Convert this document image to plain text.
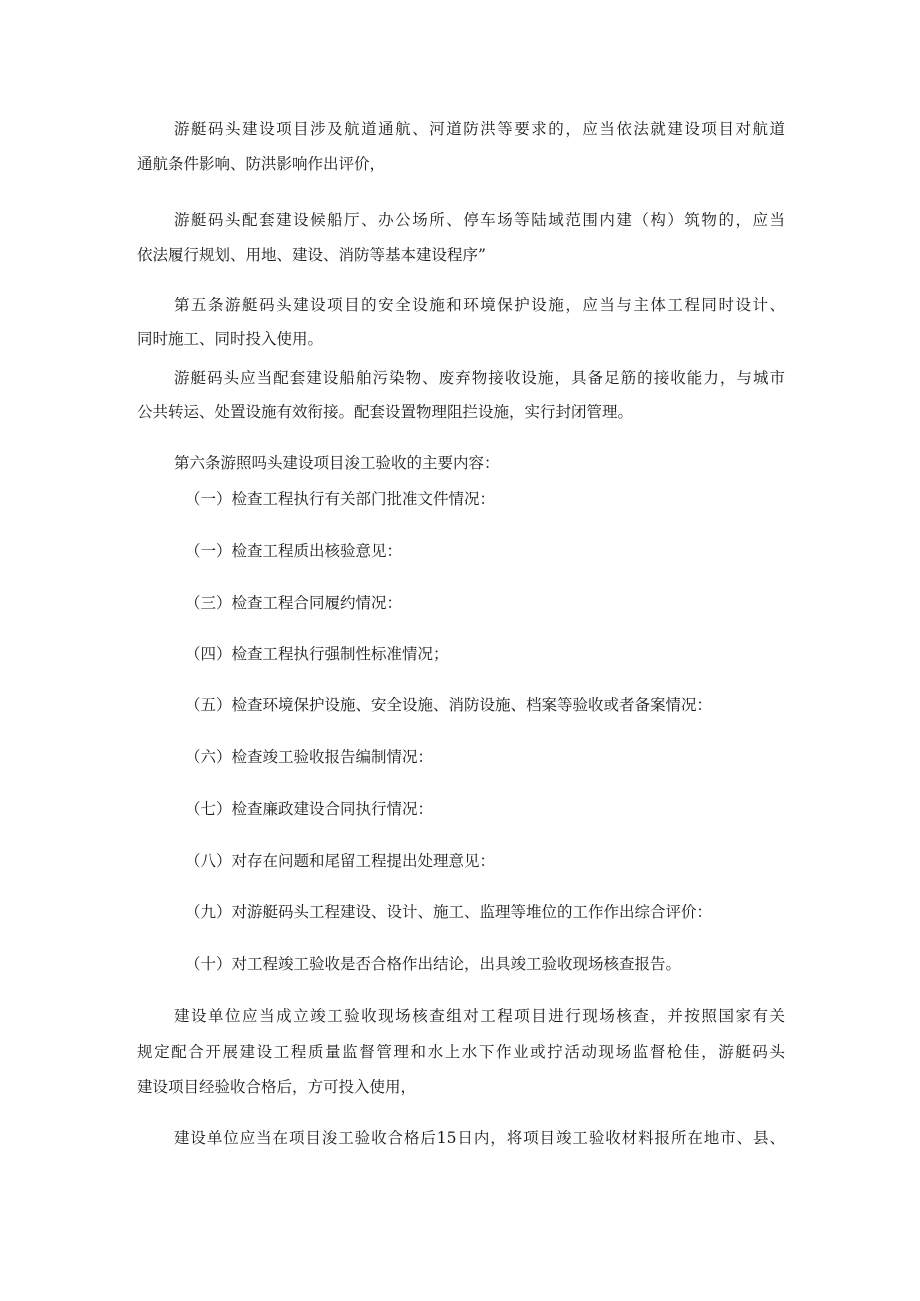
游艇码头建设项目涉及航道通航、河道防洪等要求的，应当依法就建设项目对航道
通航条件影响、防洪影响作出评价，
游艇码头配套建设候船厅、办公场所、停车场等陆域范围内建（构）筑物的，应当
依法履行规划、用地、建设、消防等基本建设程序”
第五条游艇码头建设项目的安全设施和环境保护设施，应当与主体工程同时设计、
同时施工、同时投入使用。
游艇码头应当配套建设船舶污染物、废弃物接收设施，具备足筋的接收能力，与城市
公共转运、处置设施有效衔接。配套设置物理阻拦设施，实行封闭管理。
第六条游照吗头建设项目浚工验收的主要内容：
（一）检查工程执行有关部门批准文件情况：
（一）检查工程质出核验意见：
（三）检查工程合同履约情况：
（四）检查工程执行强制性标准情况；
（五）检查环境保护设施、安全设施、消防设施、档案等验收或者备案情况：
（六）检查竣工验收报告编制情况：
（七）检查廉政建设合同执行情况：
（八）对存在问题和尾留工程提出处理意见：
（九）对游艇码头工程建设、设计、施工、监理等堆位的工作作出综合评价：
（十）对工程竣工验收是否合格作出结论，出具竣工验收现场核查报告。
建设单位应当成立竣工验收现场核查组对工程项目进行现场核查，并按照国家有关
规定配合开展建设工程质量监督管理和水上水下作业或拧活动现场监督枪佳，游艇码头
建设项目经验收合格后，方可投入使用，
建设单位应当在项目浚工验收合格后15日内，将项目竣工验收材料报所在地市、县、
